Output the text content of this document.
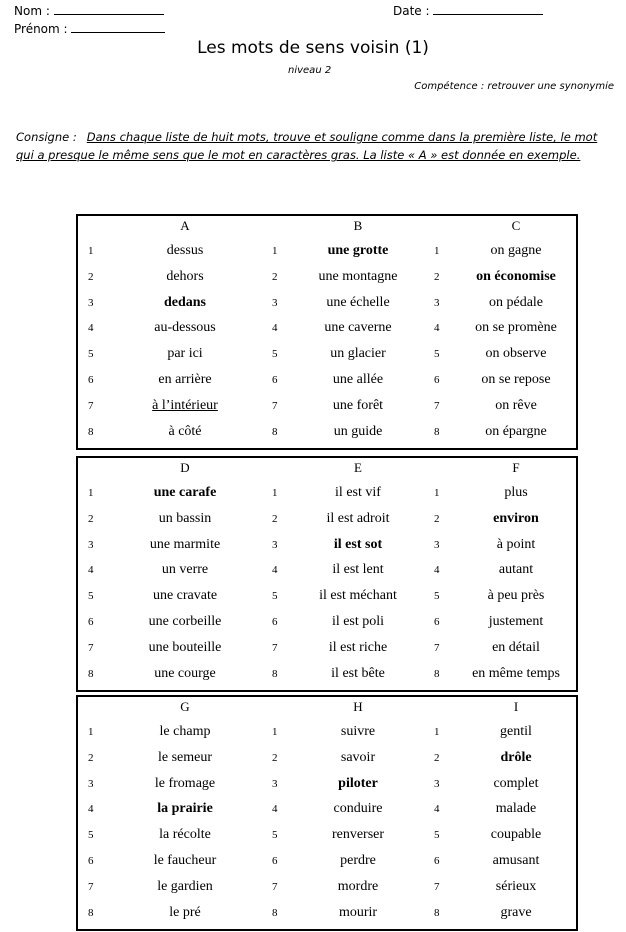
Nom :
Prénom :
Date :
Les mots de sens voisin (1)
niveau 2
Compétence : retrouver une synonymie
Consigne : Dans chaque liste de huit mots, trouve et souligne comme dans la première liste, le mot qui a presque le même sens que le mot en caractères gras. La liste « A » est donnée en exemple.
A
1	dessus
2	dehors
3	dedans
4	au-dessous
5	par ici
6	en arrière
7	à l’intérieur
8	à côté
B
1	une grotte
2	une montagne
3	une échelle
4	une caverne
5	un glacier
6	une allée
7	une forêt
8	un guide
C
1	on gagne
2	on économise
3	on pédale
4	on se promène
5	on observe
6	on se repose
7	on rêve
8	on épargne
D
1	une carafe
2	un bassin
3	une marmite
4	un verre
5	une cravate
6	une corbeille
7	une bouteille
8	une courge
E
1	il est vif
2	il est adroit
3	il est sot
4	il est lent
5	il est méchant
6	il est poli
7	il est riche
8	il est bête
F
1	plus
2	environ
3	à point
4	autant
5	à peu près
6	justement
7	en détail
8	en même temps
G
1	le champ
2	le semeur
3	le fromage
4	la prairie
5	la récolte
6	le faucheur
7	le gardien
8	le pré
H
1	suivre
2	savoir
3	piloter
4	conduire
5	renverser
6	perdre
7	mordre
8	mourir
I
1	gentil
2	drôle
3	complet
4	malade
5	coupable
6	amusant
7	sérieux
8	grave
